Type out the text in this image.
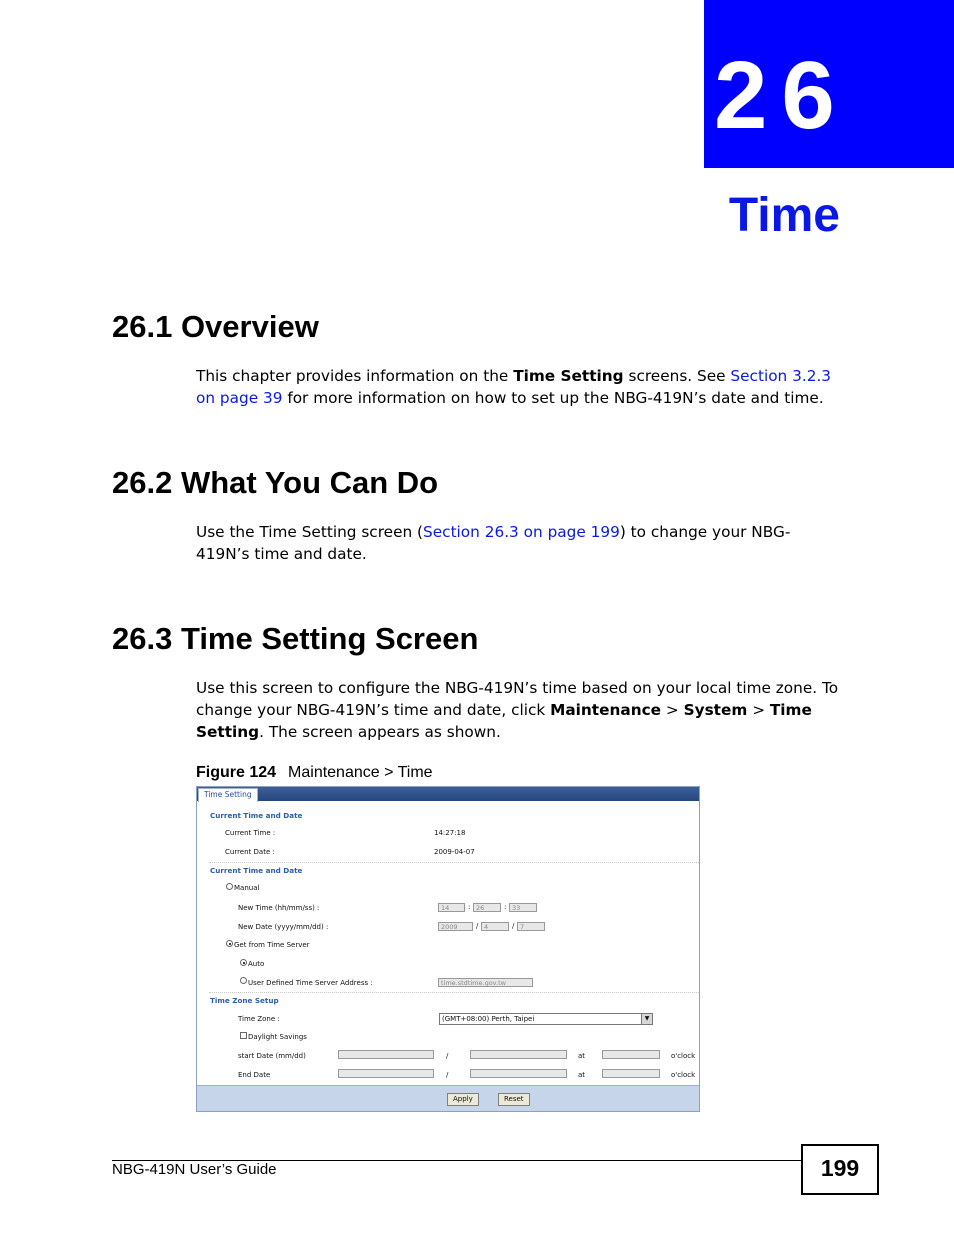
26
Time
26.1 Overview

This chapter provides information on the Time Setting screens. See Section 3.2.3 on page 39 for more information on how to set up the NBG-419N’s date and time.

26.2 What You Can Do

Use the Time Setting screen (Section 26.3 on page 199) to change your NBG-419N’s time and date.

26.3 Time Setting Screen

Use this screen to configure the NBG-419N’s time based on your local time zone. To change your NBG-419N’s time and date, click Maintenance > System > Time Setting. The screen appears as shown.

Figure 124 Maintenance > Time
Time Setting
Current Time and Date
Current Time :	14:27:18
Current Date :	2009-04-07
Current Time and Date
Manual
New Time (hh/mm/ss) :	14	: 26	: 33
New Date (yyyy/mm/dd) :	2009	/ 4	/ 7
Get from Time Server
Auto
User Defined Time Server Address :	time.stdtime.gov.tw
Time Zone Setup
Time Zone :	(GMT+08:00) Perth, Taipei	▼
Daylight Savings
start Date (mm/dd)	/	at	o'clock
End Date	/	at	o'clock
Apply	Reset
NBG-419N User’s Guide	199
